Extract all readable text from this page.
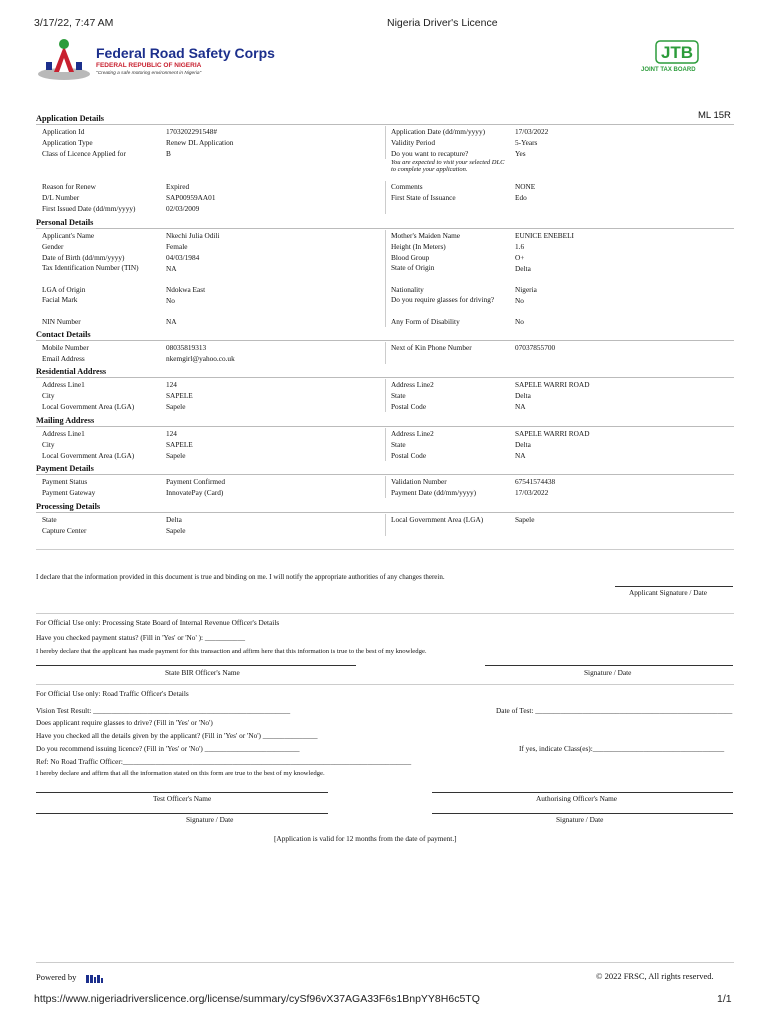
3/17/22, 7:47 AM	Nigeria Driver's Licence
Federal Road Safety Corps
FEDERAL REPUBLIC OF NIGERIA
"Creating a safe motoring environment in Nigeria"
JTB
JOINT TAX BOARD
ML 15R
Application Details
Application Id	1703202291548#	Application Date (dd/mm/yyyy)	17/03/2022
Application Type	Renew DL Application	Validity Period	5-Years
Class of Licence Applied for	B	Do you want to recapture?	Yes
Reason for Renew	Expired	Comments	NONE
D/L Number	SAP00959AA01	First State of Issuance	Edo
First Issued Date (dd/mm/yyyy)	02/03/2009
Personal Details
Applicant's Name	Nkechi Julia Odili	Mother's Maiden Name	EUNICE ENEBELI
Gender	Female	Height (In Meters)	1.6
Date of Birth (dd/mm/yyyy)	04/03/1984	Blood Group	O+
Tax Identification Number (TIN)	NA	State of Origin	Delta
LGA of Origin	Ndokwa East	Nationality	Nigeria
Facial Mark	No	Do you require glasses for driving?	No
NIN Number	NA	Any Form of Disability	No
Contact Details
Mobile Number	08035819313	Next of Kin Phone Number	07037855700
Email Address	nkemgirl@yahoo.co.uk
Residential Address
Address Line1	124	Address Line2	SAPELE WARRI ROAD
City	SAPELE	State	Delta
Local Government Area (LGA)	Sapele	Postal Code	NA
Mailing Address
Address Line1	124	Address Line2	SAPELE WARRI ROAD
City	SAPELE	State	Delta
Local Government Area (LGA)	Sapele	Postal Code	NA
Payment Details
Payment Status	Payment Confirmed	Validation Number	67541574438
Payment Gateway	InnovatePay (Card)	Payment Date (dd/mm/yyyy)	17/03/2022
Processing Details
State	Delta	Local Government Area (LGA)	Sapele
Capture Center	Sapele
You are expected to visit your selected DLC to complete your application.
I declare that the information provided in this document is true and binding on me. I will notify the appropriate authorities of any changes therein.
Applicant Signature / Date
For Official Use only: Processing State Board of Internal Revenue Officer's Details
Have you checked payment status? (Fill in 'Yes' or 'No' ): ___________
I hereby declare that the applicant has made payment for this transaction and affirm here that this information is true to the best of my knowledge.
State BIR Officer's Name	Signature / Date
For Official Use only: Road Traffic Officer's Details
Vision Test Result: ______________________________________________________	Date of Test: ______________________________________________________
Does applicant require glasses to drive? (Fill in 'Yes' or 'No')
Have you checked all the details given by the applicant? (Fill in 'Yes' or 'No') _______________
Do you recommend issuing licence? (Fill in 'Yes' or 'No') __________________________	If yes, indicate Class(es):____________________________________
Ref: No Road Traffic Officer:_______________________________________________________________________________
I hereby declare and affirm that all the information stated on this form are true to the best of my knowledge.
Test Officer's Name	Authorising Officer's Name
Signature / Date	Signature / Date
[Application is valid for 12 months from the date of payment.]
Powered by	© 2022 FRSC, All rights reserved.
https://www.nigeriadriverslicence.org/license/summary/cySf96vX37AGA33F6s1BnpYY8H6c5TQ	1/1
